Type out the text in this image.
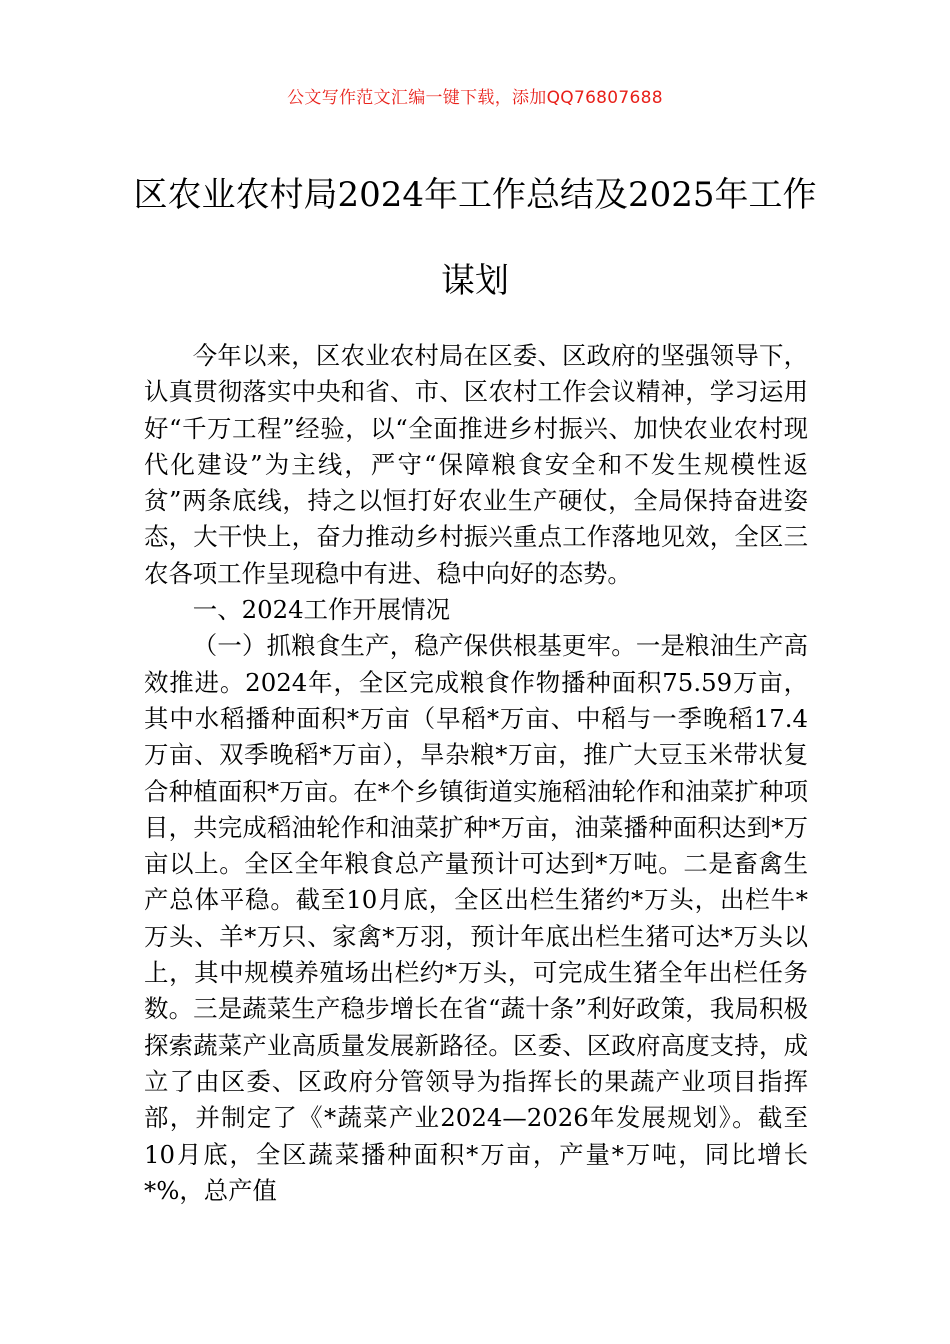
公文写作范文汇编一键下载，添加QQ76807688
区农业农村局2024年工作总结及2025年工作谋划

今年以来，区农业农村局在区委、区政府的坚强领导下，认真贯彻落实中央和省、市、区农村工作会议精神，学习运用好“千万工程”经验，以“全面推进乡村振兴、加快农业农村现代化建设”为主线，严守“保障粮食安全和不发生规模性返贫”两条底线，持之以恒打好农业生产硬仗，全局保持奋进姿态，大干快上，奋力推动乡村振兴重点工作落地见效，全区三农各项工作呈现稳中有进、稳中向好的态势。

一、2024工作开展情况

（一）抓粮食生产，稳产保供根基更牢。一是粮油生产高效推进。2024年，全区完成粮食作物播种面积75.59万亩，其中水稻播种面积*万亩（早稻*万亩、中稻与一季晚稻17.4万亩、双季晚稻*万亩），旱杂粮*万亩，推广大豆玉米带状复合种植面积*万亩。在*个乡镇街道实施稻油轮作和油菜扩种项目，共完成稻油轮作和油菜扩种*万亩，油菜播种面积达到*万亩以上。全区全年粮食总产量预计可达到*万吨。二是畜禽生产总体平稳。截至10月底，全区出栏生猪约*万头，出栏牛*万头、羊*万只、家禽*万羽，预计年底出栏生猪可达*万头以上，其中规模养殖场出栏约*万头，可完成生猪全年出栏任务数。三是蔬菜生产稳步增长在省“蔬十条”利好政策，我局积极探索蔬菜产业高质量发展新路径。区委、区政府高度支持，成立了由区委、区政府分管领导为指挥长的果蔬产业项目指挥部，并制定了《*蔬菜产业2024—2026年发展规划》。截至10月底，全区蔬菜播种面积*万亩，产量*万吨，同比增长*%，总产值
